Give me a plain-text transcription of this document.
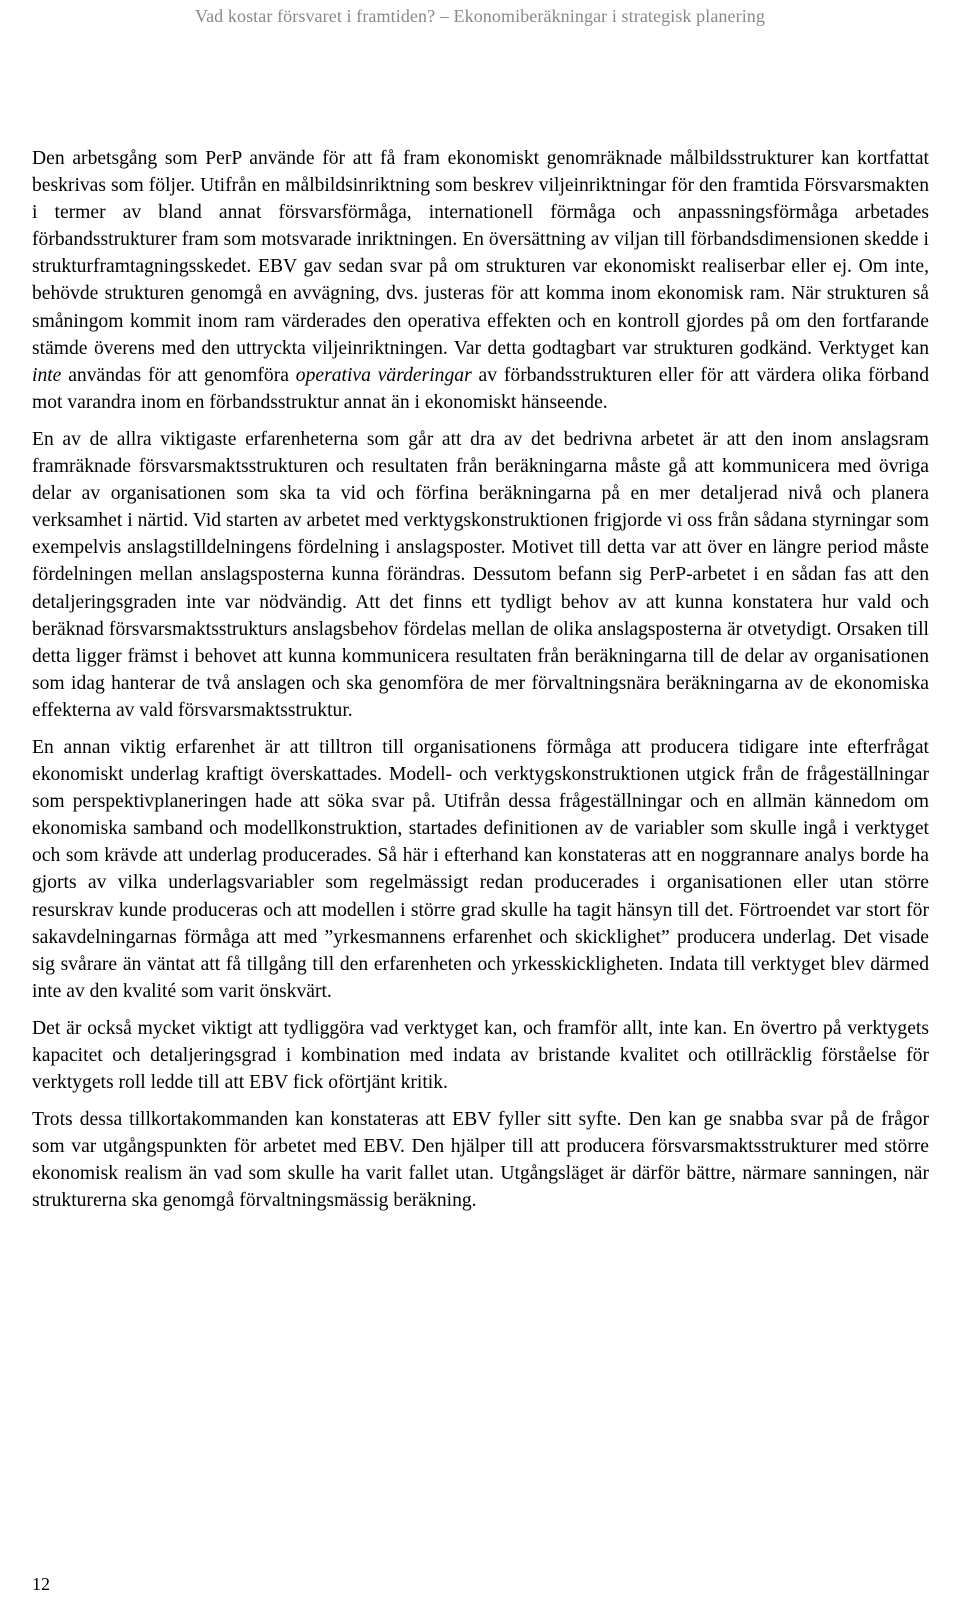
Vad kostar försvaret i framtiden? – Ekonomiberäkningar i strategisk planering

Den arbetsgång som PerP använde för att få fram ekonomiskt genomräknade målbildsstrukturer kan kortfattat beskrivas som följer. Utifrån en målbildsinriktning som beskrev viljeinriktningar för den framtida Försvarsmakten i termer av bland annat försvarsförmåga, internationell förmåga och anpassningsförmåga arbetades förbandsstrukturer fram som motsvarade inriktningen. En översättning av viljan till förbandsdimensionen skedde i strukturframtagningsskedet. EBV gav sedan svar på om strukturen var ekonomiskt realiserbar eller ej. Om inte, behövde strukturen genomgå en avvägning, dvs. justeras för att komma inom ekonomisk ram. När strukturen så småningom kommit inom ram värderades den operativa effekten och en kontroll gjordes på om den fortfarande stämde överens med den uttryckta viljeinriktningen. Var detta godtagbart var strukturen godkänd. Verktyget kan inte användas för att genomföra operativa värderingar av förbandsstrukturen eller för att värdera olika förband mot varandra inom en förbandsstruktur annat än i ekonomiskt hänseende.

En av de allra viktigaste erfarenheterna som går att dra av det bedrivna arbetet är att den inom anslagsram framräknade försvarsmaktsstrukturen och resultaten från beräkningarna måste gå att kommunicera med övriga delar av organisationen som ska ta vid och förfina beräkningarna på en mer detaljerad nivå och planera verksamhet i närtid. Vid starten av arbetet med verktygskonstruktionen frigjorde vi oss från sådana styrningar som exempelvis anslagstilldelningens fördelning i anslagsposter. Motivet till detta var att över en längre period måste fördelningen mellan anslagsposterna kunna förändras. Dessutom befann sig PerP-arbetet i en sådan fas att den detaljeringsgraden inte var nödvändig. Att det finns ett tydligt behov av att kunna konstatera hur vald och beräknad försvarsmaktsstrukturs anslagsbehov fördelas mellan de olika anslagsposterna är otvetydigt. Orsaken till detta ligger främst i behovet att kunna kommunicera resultaten från beräkningarna till de delar av organisationen som idag hanterar de två anslagen och ska genomföra de mer förvaltningsnära beräkningarna av de ekonomiska effekterna av vald försvarsmaktsstruktur.

En annan viktig erfarenhet är att tilltron till organisationens förmåga att producera tidigare inte efterfrågat ekonomiskt underlag kraftigt överskattades. Modell- och verktygskonstruktionen utgick från de frågeställningar som perspektivplaneringen hade att söka svar på. Utifrån dessa frågeställningar och en allmän kännedom om ekonomiska samband och modellkonstruktion, startades definitionen av de variabler som skulle ingå i verktyget och som krävde att underlag producerades. Så här i efterhand kan konstateras att en noggrannare analys borde ha gjorts av vilka underlagsvariabler som regelmässigt redan producerades i organisationen eller utan större resurskrav kunde produceras och att modellen i större grad skulle ha tagit hänsyn till det. Förtroendet var stort för sakavdelningarnas förmåga att med ”yrkesmannens erfarenhet och skicklighet” producera underlag. Det visade sig svårare än väntat att få tillgång till den erfarenheten och yrkesskickligheten. Indata till verktyget blev därmed inte av den kvalité som varit önskvärt.

Det är också mycket viktigt att tydliggöra vad verktyget kan, och framför allt, inte kan. En övertro på verktygets kapacitet och detaljeringsgrad i kombination med indata av bristande kvalitet och otillräcklig förståelse för verktygets roll ledde till att EBV fick oförtjänt kritik.

Trots dessa tillkortakommanden kan konstateras att EBV fyller sitt syfte. Den kan ge snabba svar på de frågor som var utgångspunkten för arbetet med EBV. Den hjälper till att producera försvarsmaktsstrukturer med större ekonomisk realism än vad som skulle ha varit fallet utan. Utgångsläget är därför bättre, närmare sanningen, när strukturerna ska genomgå förvaltningsmässig beräkning.

12
